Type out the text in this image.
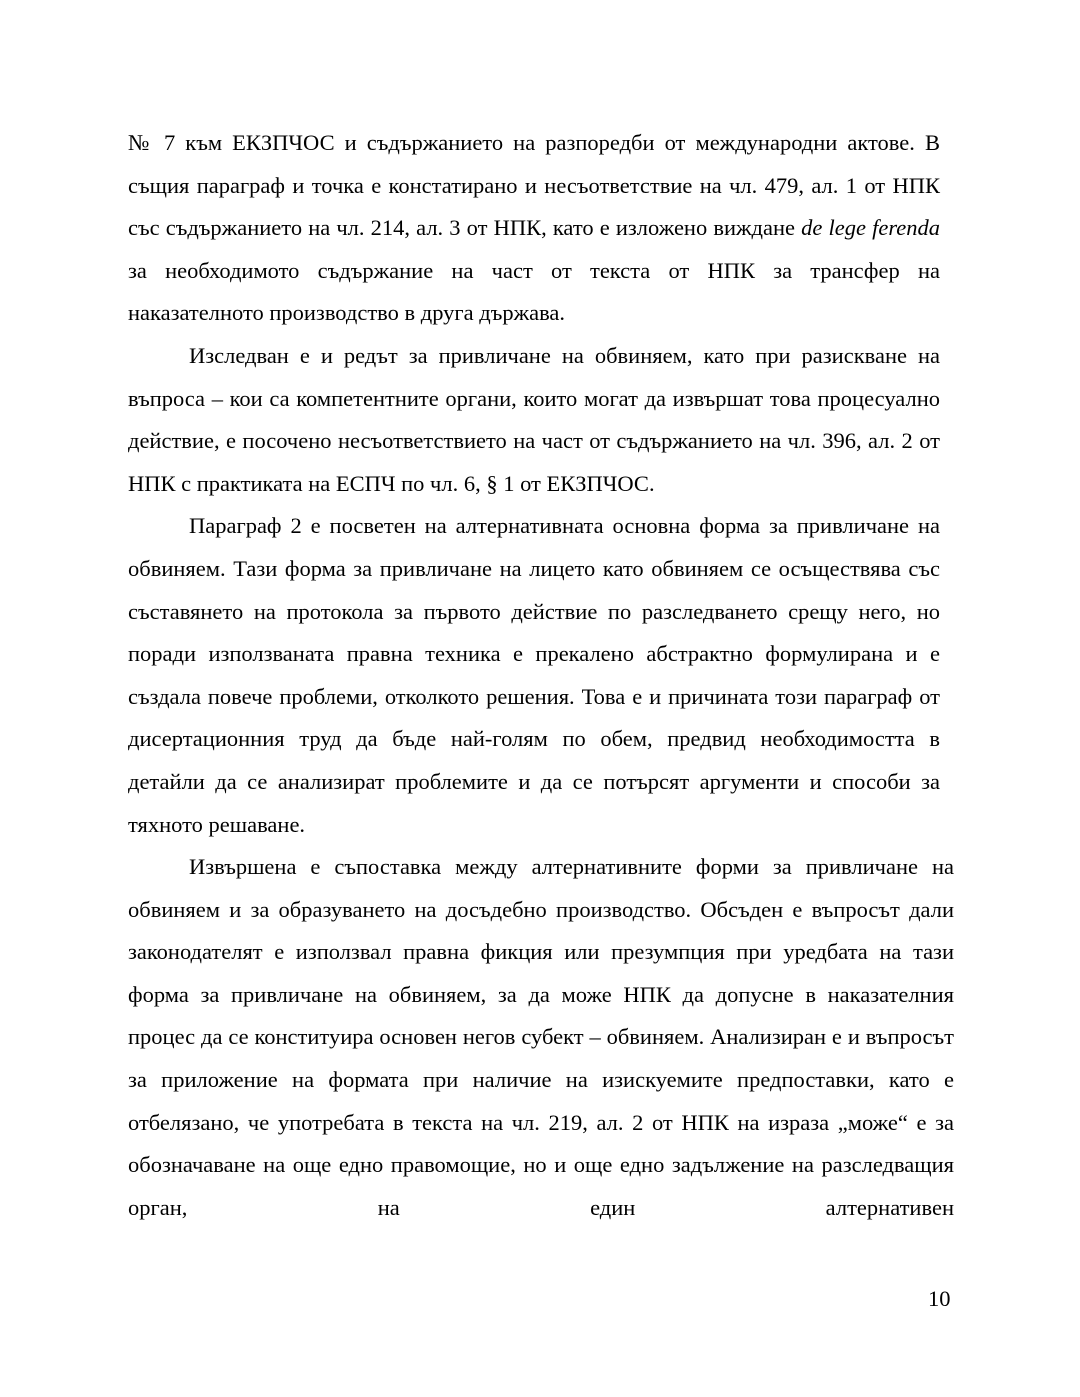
№ 7 към ЕКЗПЧОС и съдържанието на разпоредби от международни актове. В същия параграф и точка е констатирано и несъответствие на чл. 479, ал. 1 от НПК със съдържанието на чл. 214, ал. 3 от НПК, като е изложено виждане de lege ferenda за необходимото съдържание на част от текста от НПК за трансфер на наказателното производство в друга държава.

Изследван е и редът за привличане на обвиняем, като при разискване на въпроса – кои са компетентните органи, които могат да извършат това процесуално действие, е посочено несъответствието на част от съдържанието на чл. 396, ал. 2 от НПК с практиката на ЕСПЧ по чл. 6, § 1 от ЕКЗПЧОС.

Параграф 2 е посветен на алтернативната основна форма за привличане на обвиняем. Тази форма за привличане на лицето като обвиняем се осъществява със съставянето на протокола за първото действие по разследването срещу него, но поради използваната правна техника е прекалено абстрактно формулирана и е създала повече проблеми, отколкото решения. Това е и причината този параграф от дисертационния труд да бъде най-голям по обем, предвид необходимостта в детайли да се анализират проблемите и да се потърсят аргументи и способи за тяхното решаване.

Извършена е съпоставка между алтернативните форми за привличане на обвиняем и за образуването на досъдебно производство. Обсъден е въпросът дали законодателят е използвал правна фикция или презумпция при уредбата на тази форма за привличане на обвиняем, за да може НПК да допусне в наказателния процес да се конституира основен негов субект – обвиняем. Анализиран е и въпросът за приложение на формата при наличие на изискуемите предпоставки, като е отбелязано, че употребата в текста на чл. 219, ал. 2 от НПК на израза „може“ е за обозначаване на още едно правомощие, но и още едно задължение на разследващия орган, на един алтернативен

10
